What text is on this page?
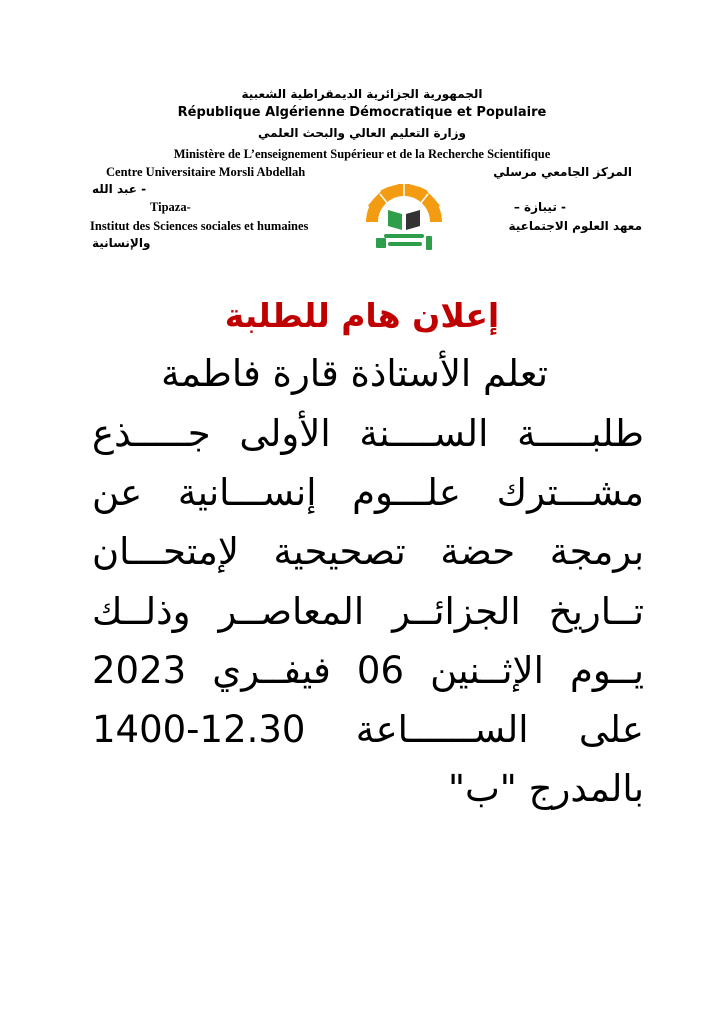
الجمهورية الجزائرية الديمقراطية الشعبية
République Algérienne Démocratique et Populaire
وزارة التعليم العالي والبحث العلمي
Ministère de L’enseignement Supérieur et de la Recherche Scientifique
Centre Universitaire Morsli Abdellah
- عبد الله
Tipaza-
Institut des Sciences sociales et humaines
والإنسانية
المركز الجامعي مرسلي
- تيبازة –
معهد العلوم الاجتماعية
إعلان هام للطلبة
تعلم الأستاذة قارة فاطمة
طلبـــــة الســــنة الأولى جـــــذع
مشـــترك علـــوم إنســـانية عن
برمجة حضة تصحيحية لإمتحـــان
تــاريخ الجزائــر المعاصــر وذلــك
يــوم الإثــنين 06 فيفــري 2023
على الســــــاعة 12.30-1400
بالمدرج "ب"
